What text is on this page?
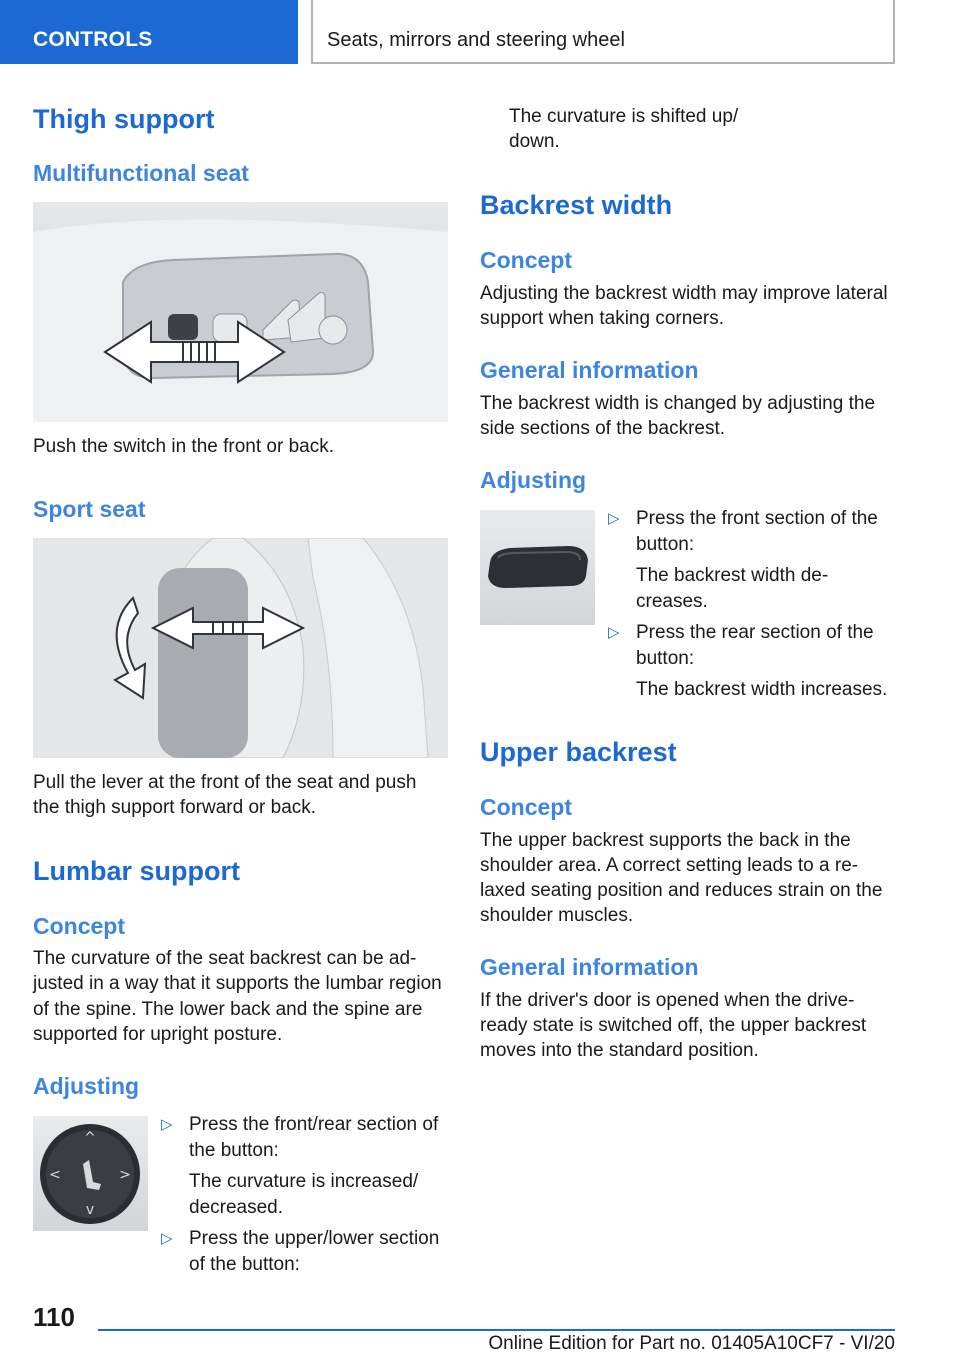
CONTROLS	Seats, mirrors and steering wheel
Thigh support
Multifunctional seat
Push the switch in the front or back.
Sport seat
Pull the lever at the front of the seat and push
the thigh support forward or back.
Lumbar support
Concept
The curvature of the seat backrest can be ad‐
justed in a way that it supports the lumbar region
of the spine. The lower back and the spine are
supported for upright posture.
Adjusting
^
v
<	>
▷ Press the front/rear section of
the button:
The curvature is increased/
decreased.
▷ Press the upper/lower section
of the button:
The curvature is shifted up/
down.
Backrest width
Concept
Adjusting the backrest width may improve lateral
support when taking corners.
General information
The backrest width is changed by adjusting the
side sections of the backrest.
Adjusting
▷ Press the front section of the
button:
The backrest width de‐
creases.
▷ Press the rear section of the
button:
The backrest width increases.
Upper backrest
Concept
The upper backrest supports the back in the
shoulder area. A correct setting leads to a re‐
laxed seating position and reduces strain on the
shoulder muscles.
General information
If the driver's door is opened when the drive-
ready state is switched off, the upper backrest
moves into the standard position.
110
Online Edition for Part no. 01405A10CF7 - VI/20
